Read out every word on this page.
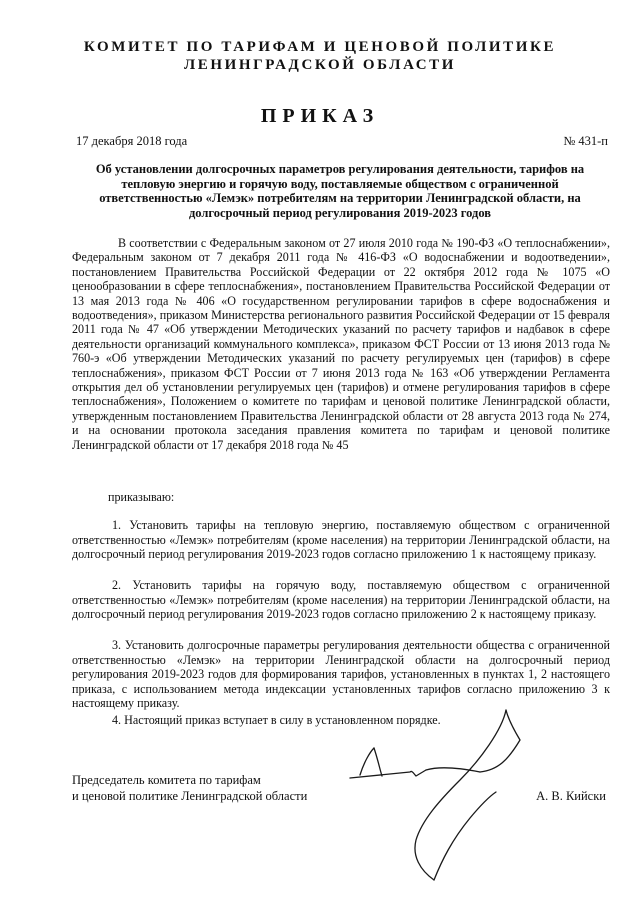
КОМИТЕТ ПО ТАРИФАМ И ЦЕНОВОЙ ПОЛИТИКЕ
ЛЕНИНГРАДСКОЙ ОБЛАСТИ
ПРИКАЗ
17 декабря 2018 года	№ 431-п
Об установлении долгосрочных параметров регулирования деятельности, тарифов на тепловую энергию и горячую воду, поставляемые обществом с ограниченной ответственностью «Лемэк» потребителям на территории Ленинградской области, на долгосрочный период регулирования 2019-2023 годов
В соответствии с Федеральным законом от 27 июля 2010 года № 190-ФЗ «О теплоснабжении», Федеральным законом от 7 декабря 2011 года № 416-ФЗ «О водоснабжении и водоотведении», постановлением Правительства Российской Федерации от 22 октября 2012 года № 1075 «О ценообразовании в сфере теплоснабжения», постановлением Правительства Российской Федерации от 13 мая 2013 года № 406 «О государственном регулировании тарифов в сфере водоснабжения и водоотведения», приказом Министерства регионального развития Российской Федерации от 15 февраля 2011 года № 47 «Об утверждении Методических указаний по расчету тарифов и надбавок в сфере деятельности организаций коммунального комплекса», приказом ФСТ России от 13 июня 2013 года № 760-э «Об утверждении Методических указаний по расчету регулируемых цен (тарифов) в сфере теплоснабжения», приказом ФСТ России от 7 июня 2013 года № 163 «Об утверждении Регламента открытия дел об установлении регулируемых цен (тарифов) и отмене регулирования тарифов в сфере теплоснабжения», Положением о комитете по тарифам и ценовой политике Ленинградской области, утвержденным постановлением Правительства Ленинградской области от 28 августа 2013 года № 274, и на основании протокола заседания правления комитета по тарифам и ценовой политике Ленинградской области от 17 декабря 2018 года № 45
приказываю:
1. Установить тарифы на тепловую энергию, поставляемую обществом с ограниченной ответственностью «Лемэк» потребителям (кроме населения) на территории Ленинградской области, на долгосрочный период регулирования 2019-2023 годов согласно приложению 1 к настоящему приказу.
2. Установить тарифы на горячую воду, поставляемую обществом с ограниченной ответственностью «Лемэк» потребителям (кроме населения) на территории Ленинградской области, на долгосрочный период регулирования 2019-2023 годов согласно приложению 2 к настоящему приказу.
3. Установить долгосрочные параметры регулирования деятельности общества с ограниченной ответственностью «Лемэк» на территории Ленинградской области на долгосрочный период регулирования 2019-2023 годов для формирования тарифов, установленных в пунктах 1, 2 настоящего приказа, с использованием метода индексации установленных тарифов согласно приложению 3 к настоящему приказу.
4. Настоящий приказ вступает в силу в установленном порядке.
Председатель комитета по тарифам
и ценовой политике Ленинградской области	А. В. Кийски
